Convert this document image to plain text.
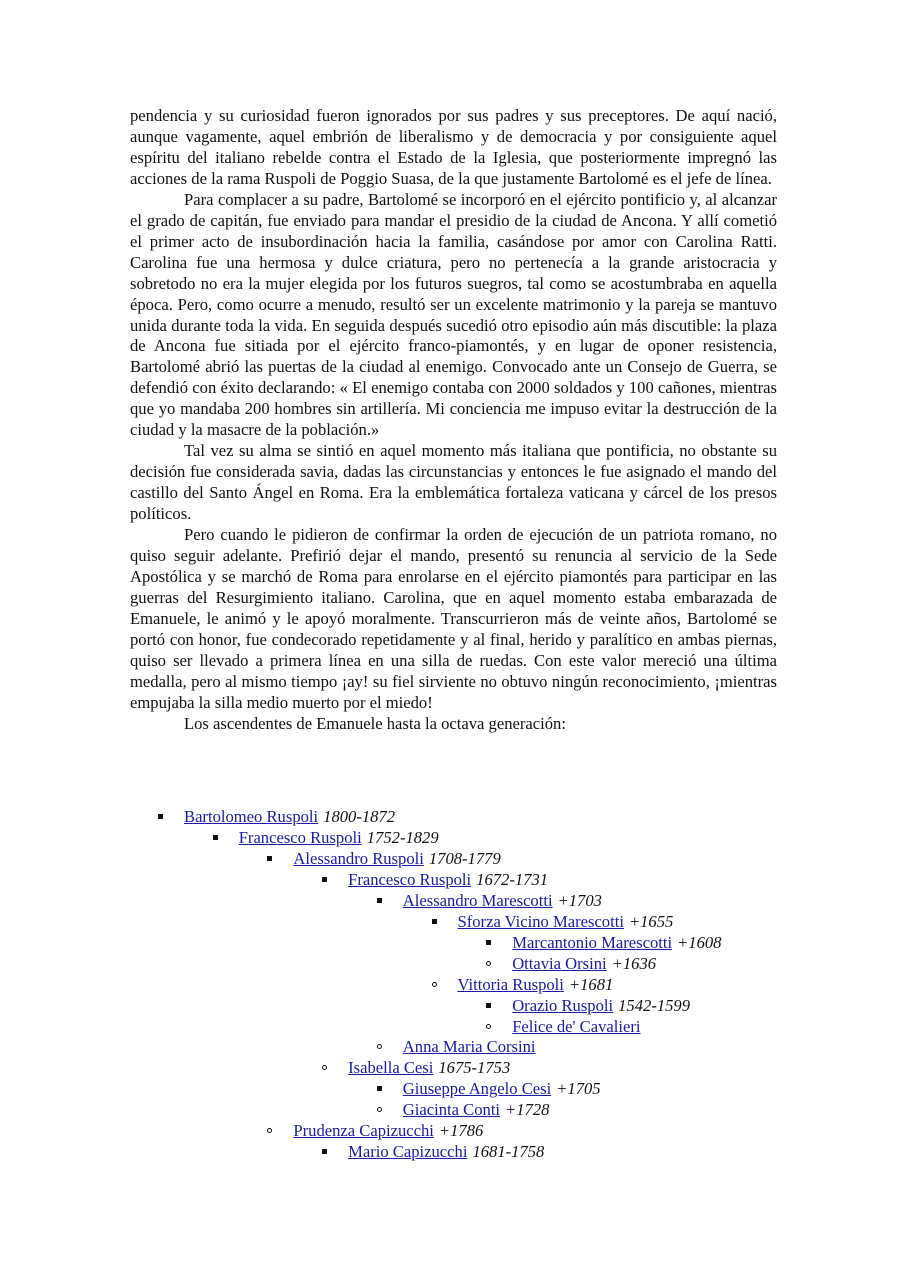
pendencia y su curiosidad fueron ignorados por sus padres y sus preceptores. De aquí nació, aunque vagamente, aquel embrión de liberalismo y de democracia y por consiguiente aquel espíritu del italiano rebelde contra el Estado de la Iglesia, que posteriormente impregnó las acciones de la rama Ruspoli de Poggio Suasa, de la que justamente Bartolomé es el jefe de línea.

Para complacer a su padre, Bartolomé se incorporó en el ejército pontificio y, al alcanzar el grado de capitán, fue enviado para mandar el presidio de la ciudad de Ancona. Y allí cometió el primer acto de insubordinación hacia la familia, casándose por amor con Carolina Ratti. Carolina fue una hermosa y dulce criatura, pero no pertenecía a la grande aristocracia y sobretodo no era la mujer elegida por los futuros suegros, tal como se acostumbraba en aquella época. Pero, como ocurre a menudo, resultó ser un excelente matrimonio y la pareja se mantuvo unida durante toda la vida. En seguida después sucedió otro episodio aún más discutible: la plaza de Ancona fue sitiada por el ejército franco-piamontés, y en lugar de oponer resistencia, Bartolomé abrió las puertas de la ciudad al enemigo. Convocado ante un Consejo de Guerra, se defendió con éxito declarando: « El enemigo contaba con 2000 soldados y 100 cañones, mientras que yo mandaba 200 hombres sin artillería. Mi conciencia me impuso evitar la destrucción de la ciudad y la masacre de la población.»

Tal vez su alma se sintió en aquel momento más italiana que pontificia, no obstante su decisión fue considerada savia, dadas las circunstancias y entonces le fue asignado el mando del castillo del Santo Ángel en Roma. Era la emblemática fortaleza vaticana y cárcel de los presos políticos.

Pero cuando le pidieron de confirmar la orden de ejecución de un patriota romano, no quiso seguir adelante. Prefirió dejar el mando, presentó su renuncia al servicio de la Sede Apostólica y se marchó de Roma para enrolarse en el ejército piamontés para participar en las guerras del Resurgimiento italiano. Carolina, que en aquel momento estaba embarazada de Emanuele, le animó y le apoyó moralmente. Transcurrieron más de veinte años, Bartolomé se portó con honor, fue condecorado repetidamente y al final, herido y paralítico en ambas piernas, quiso ser llevado a primera línea en una silla de ruedas. Con este valor mereció una última medalla, pero al mismo tiempo ¡ay! su fiel sirviente no obtuvo ningún reconocimiento, ¡mientras empujaba la silla medio muerto por el miedo!

Los ascendentes de Emanuele hasta la octava generación:

Bartolomeo Ruspoli 1800-1872
Francesco Ruspoli 1752-1829
Alessandro Ruspoli 1708-1779
Francesco Ruspoli 1672-1731
Alessandro Marescotti +1703
Sforza Vicino Marescotti +1655
Marcantonio Marescotti +1608
Ottavia Orsini +1636
Vittoria Ruspoli +1681
Orazio Ruspoli 1542-1599
Felice de' Cavalieri
Anna Maria Corsini
Isabella Cesi 1675-1753
Giuseppe Angelo Cesi +1705
Giacinta Conti +1728
Prudenza Capizucchi +1786
Mario Capizucchi 1681-1758
